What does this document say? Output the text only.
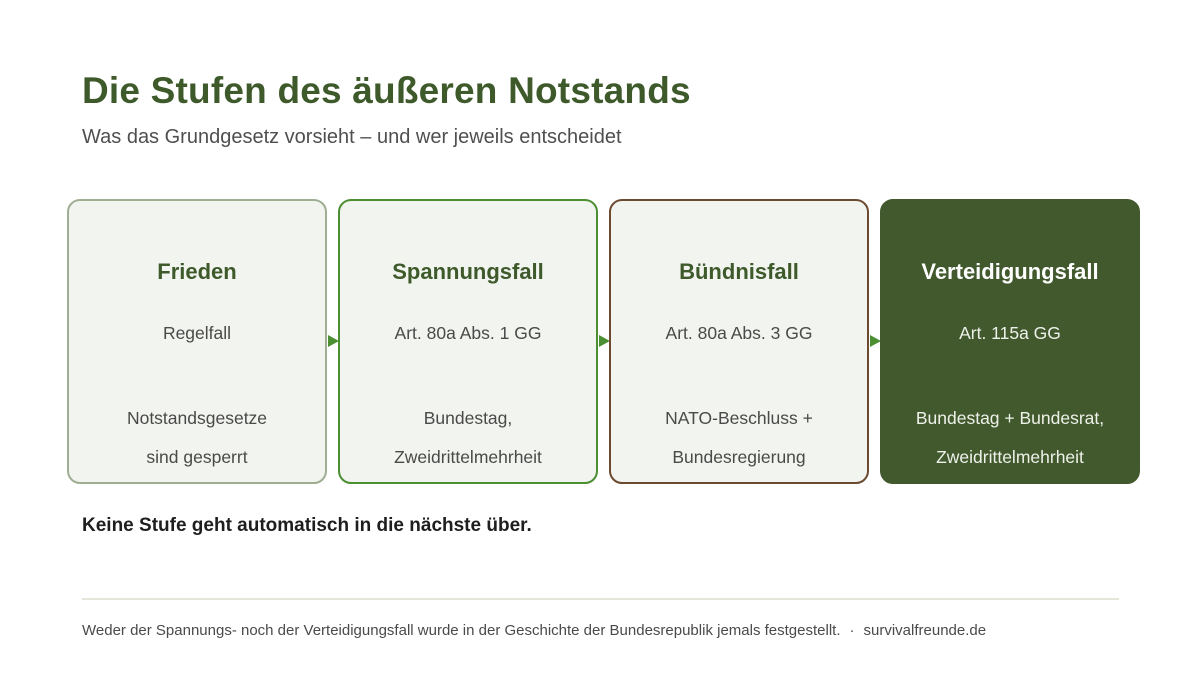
Die Stufen des äußeren Notstands

Was das Grundgesetz vorsieht – und wer jeweils entscheidet

Frieden
Regelfall
Notstandsgesetze
sind gesperrt
Spannungsfall
Art. 80a Abs. 1 GG
Bundestag,
Zweidrittelmehrheit
Bündnisfall
Art. 80a Abs. 3 GG
NATO-Beschluss +
Bundesregierung
Verteidigungsfall
Art. 115a GG
Bundestag + Bundesrat,
Zweidrittelmehrheit

Keine Stufe geht automatisch in die nächste über.

Weder der Spannungs- noch der Verteidigungsfall wurde in der Geschichte der Bundesrepublik jemals festgestellt. · survivalfreunde.de
